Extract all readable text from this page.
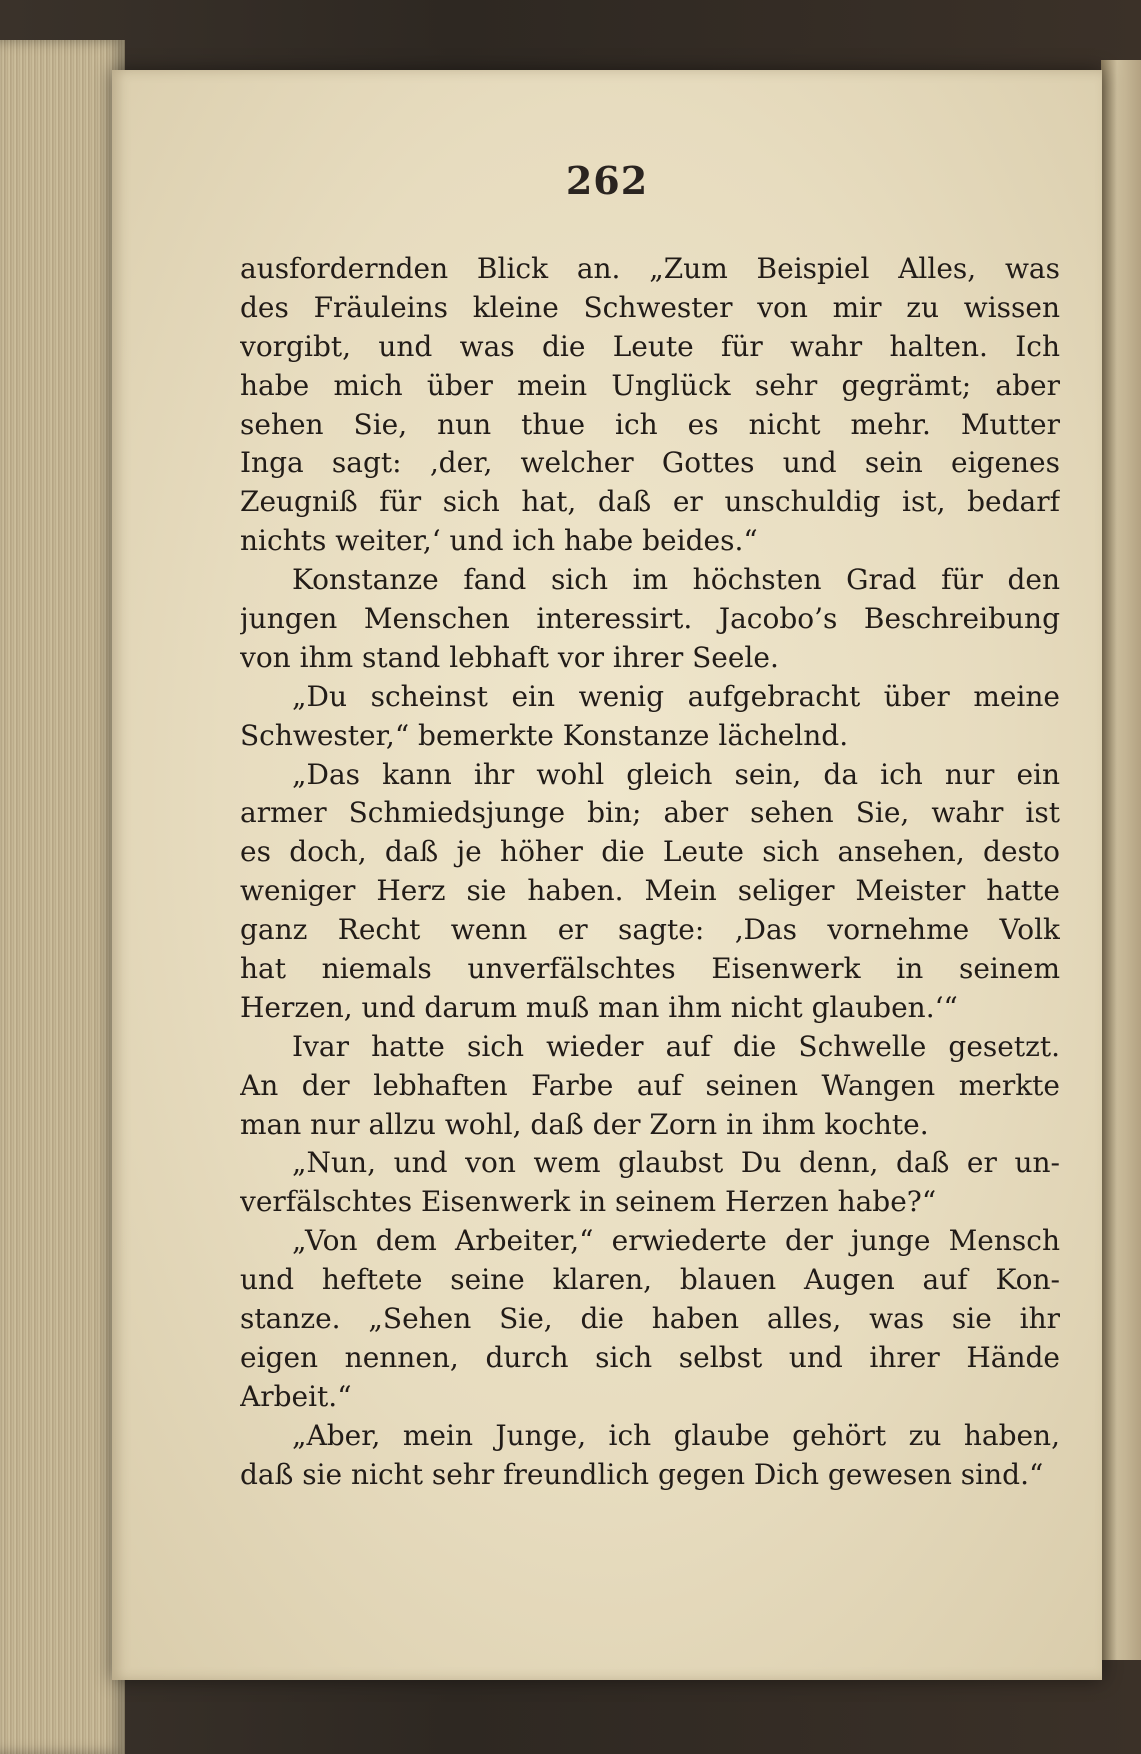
262
ausfordernden Blick an. „Zum Beispiel Alles, was
des Fräuleins kleine Schwester von mir zu wissen
vorgibt, und was die Leute für wahr halten. Ich
habe mich über mein Unglück sehr gegrämt; aber
sehen Sie, nun thue ich es nicht mehr. Mutter
Inga sagt: ‚der, welcher Gottes und sein eigenes
Zeugniß für sich hat, daß er unschuldig ist, bedarf
nichts weiter,‘ und ich habe beides.“
Konstanze fand sich im höchsten Grad für den
jungen Menschen interessirt. Jacobo’s Beschreibung
von ihm stand lebhaft vor ihrer Seele.
„Du scheinst ein wenig aufgebracht über meine
Schwester,“ bemerkte Konstanze lächelnd.
„Das kann ihr wohl gleich sein, da ich nur ein
armer Schmiedsjunge bin; aber sehen Sie, wahr ist
es doch, daß je höher die Leute sich ansehen, desto
weniger Herz sie haben. Mein seliger Meister hatte
ganz Recht wenn er sagte: ‚Das vornehme Volk
hat niemals unverfälschtes Eisenwerk in seinem
Herzen, und darum muß man ihm nicht glauben.‘“
Ivar hatte sich wieder auf die Schwelle gesetzt.
An der lebhaften Farbe auf seinen Wangen merkte
man nur allzu wohl, daß der Zorn in ihm kochte.
„Nun, und von wem glaubst Du denn, daß er un-
verfälschtes Eisenwerk in seinem Herzen habe?“
„Von dem Arbeiter,“ erwiederte der junge Mensch
und heftete seine klaren, blauen Augen auf Kon-
stanze. „Sehen Sie, die haben alles, was sie ihr
eigen nennen, durch sich selbst und ihrer Hände
Arbeit.“
„Aber, mein Junge, ich glaube gehört zu haben,
daß sie nicht sehr freundlich gegen Dich gewesen sind.“
